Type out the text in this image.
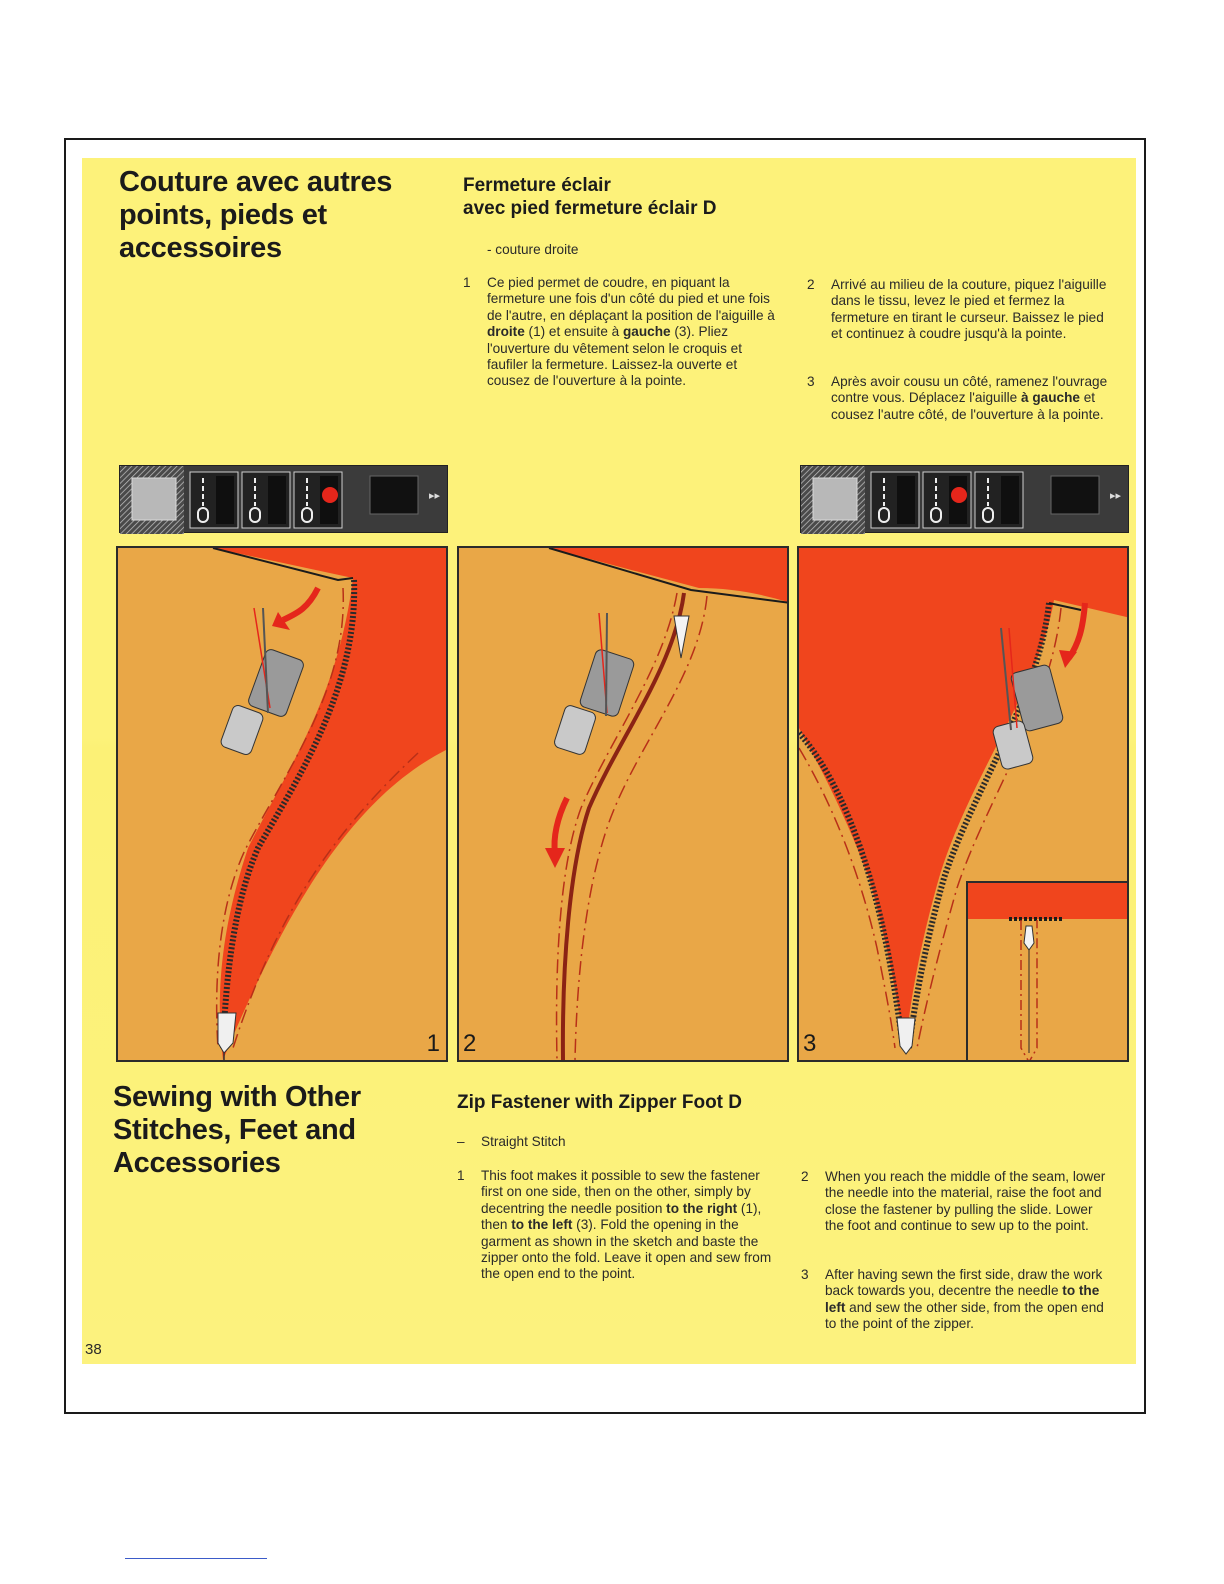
Couture avec autres
points, pieds et
accessoires
Fermeture éclair
avec pied fermeture éclair D
- couture droite
1 Ce pied permet de coudre, en piquant la fermeture une fois d'un côté du pied et une fois de l'autre, en déplaçant la position de l'aiguille à droite (1) et ensuite à gauche (3). Pliez l'ouverture du vêtement selon le croquis et faufiler la fermeture. Laissez-la ouverte et cousez de l'ouverture à la pointe.
2 Arrivé au milieu de la couture, piquez l'aiguille dans le tissu, levez le pied et fermez la fermeture en tirant le curseur. Baissez le pied et continuez à coudre jusqu'à la pointe.
3 Après avoir cousu un côté, ramenez l'ouvrage contre vous. Déplacez l'aiguille à gauche et cousez l'autre côté, de l'ouverture à la pointe.
▸▸	▸▸
1 2	3
Sewing with Other
Stitches, Feet and
Accessories
Zip Fastener with Zipper Foot D
– Straight Stitch
1 This foot makes it possible to sew the fastener first on one side, then on the other, simply by decentring the needle position to the right (1), then to the left (3). Fold the opening in the garment as shown in the sketch and baste the zipper onto the fold. Leave it open and sew from the open end to the point.
2 When you reach the middle of the seam, lower the needle into the material, raise the foot and close the fastener by pulling the slide. Lower the foot and continue to sew up to the point.
3 After having sewn the first side, draw the work back towards you, decentre the needle to the left and sew the other side, from the open end to the point of the zipper.
38
